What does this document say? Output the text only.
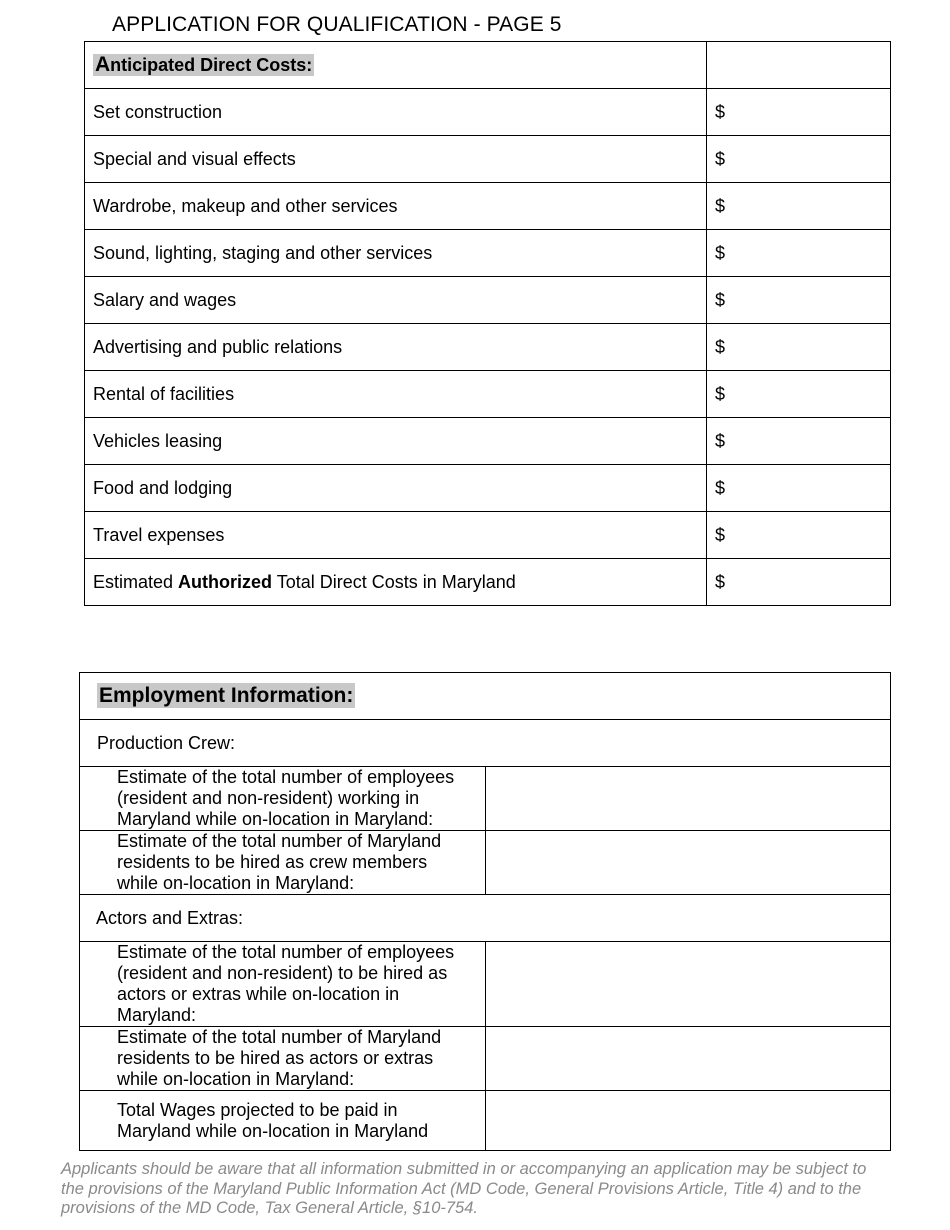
APPLICATION FOR QUALIFICATION - PAGE 5
Anticipated Direct Costs:	
Set construction	$
Special and visual effects	$
Wardrobe, makeup and other services	$
Sound, lighting, staging and other services	$
Salary and wages	$
Advertising and public relations	$
Rental of facilities	$
Vehicles leasing	$
Food and lodging	$
Travel expenses	$
Estimated Authorized Total Direct Costs in Maryland	$
Employment Information:	
Production Crew:	
Estimate of the total number of employees (resident and non-resident) working in Maryland while on-location in Maryland:	
Estimate of the total number of Maryland residents to be hired as crew members while on-location in Maryland:	
Actors and Extras:	
Estimate of the total number of employees (resident and non-resident) to be hired as actors or extras while on-location in Maryland:	
Estimate of the total number of Maryland residents to be hired as actors or extras while on-location in Maryland:	
Total Wages projected to be paid in Maryland while on-location in Maryland	
Applicants should be aware that all information submitted in or accompanying an application may be subject to the provisions of the Maryland Public Information Act (MD Code, General Provisions Article, Title 4) and to the provisions of the MD Code, Tax General Article, §10-754.
